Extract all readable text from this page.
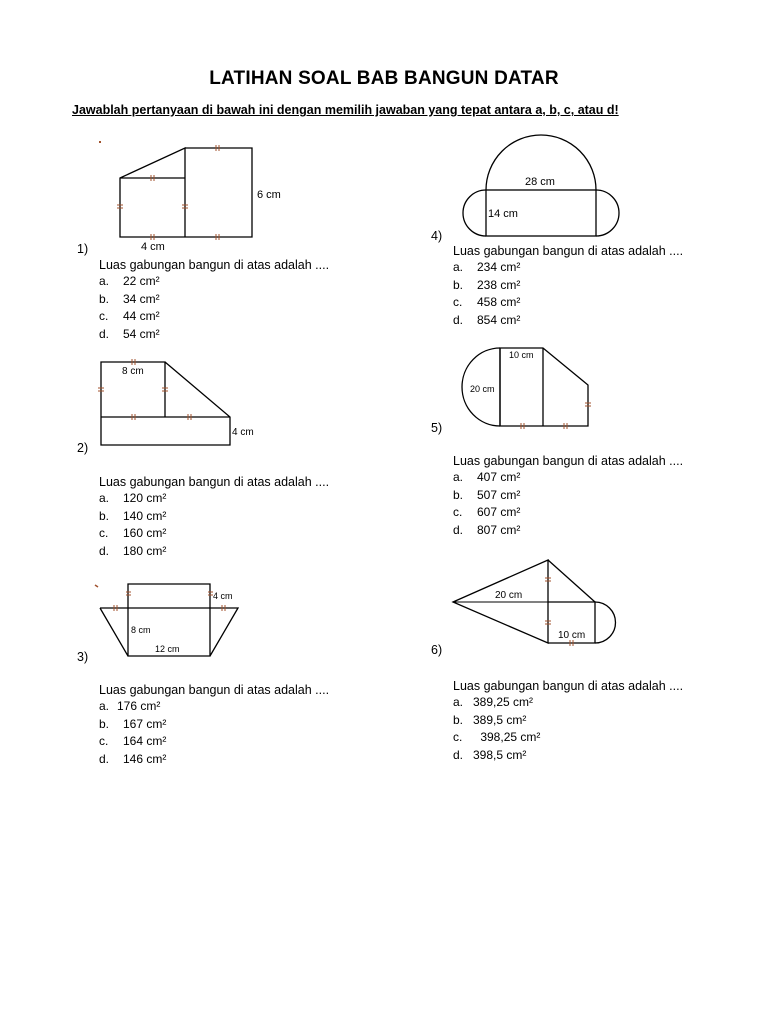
LATIHAN SOAL BAB BANGUN DATAR
Jawablah pertanyaan di bawah ini dengan memilih jawaban yang tepat antara a, b, c, atau d!
6 cm
4 cm
1)
Luas gabungan bangun di atas adalah ....
a. 22 cm²
b. 34 cm²
c. 44 cm²
d. 54 cm²
8 cm
4 cm
2)
Luas gabungan bangun di atas adalah ....
a. 120 cm²
b. 140 cm²
c. 160 cm²
d. 180 cm²
4 cm
8 cm
12 cm
3)
Luas gabungan bangun di atas adalah ....
a. 176 cm²
b. 167 cm²
c. 164 cm²
d. 146 cm²
28 cm
14 cm
4)
Luas gabungan bangun di atas adalah ....
a. 234 cm²
b. 238 cm²
c. 458 cm²
d. 854 cm²
10 cm
20 cm
5)
Luas gabungan bangun di atas adalah ....
a. 407 cm²
b. 507 cm²
c. 607 cm²
d. 807 cm²
20 cm
10 cm
6)
Luas gabungan bangun di atas adalah ....
a. 389,25 cm²
b. 389,5 cm²
c. 398,25 cm²
d. 398,5 cm²
